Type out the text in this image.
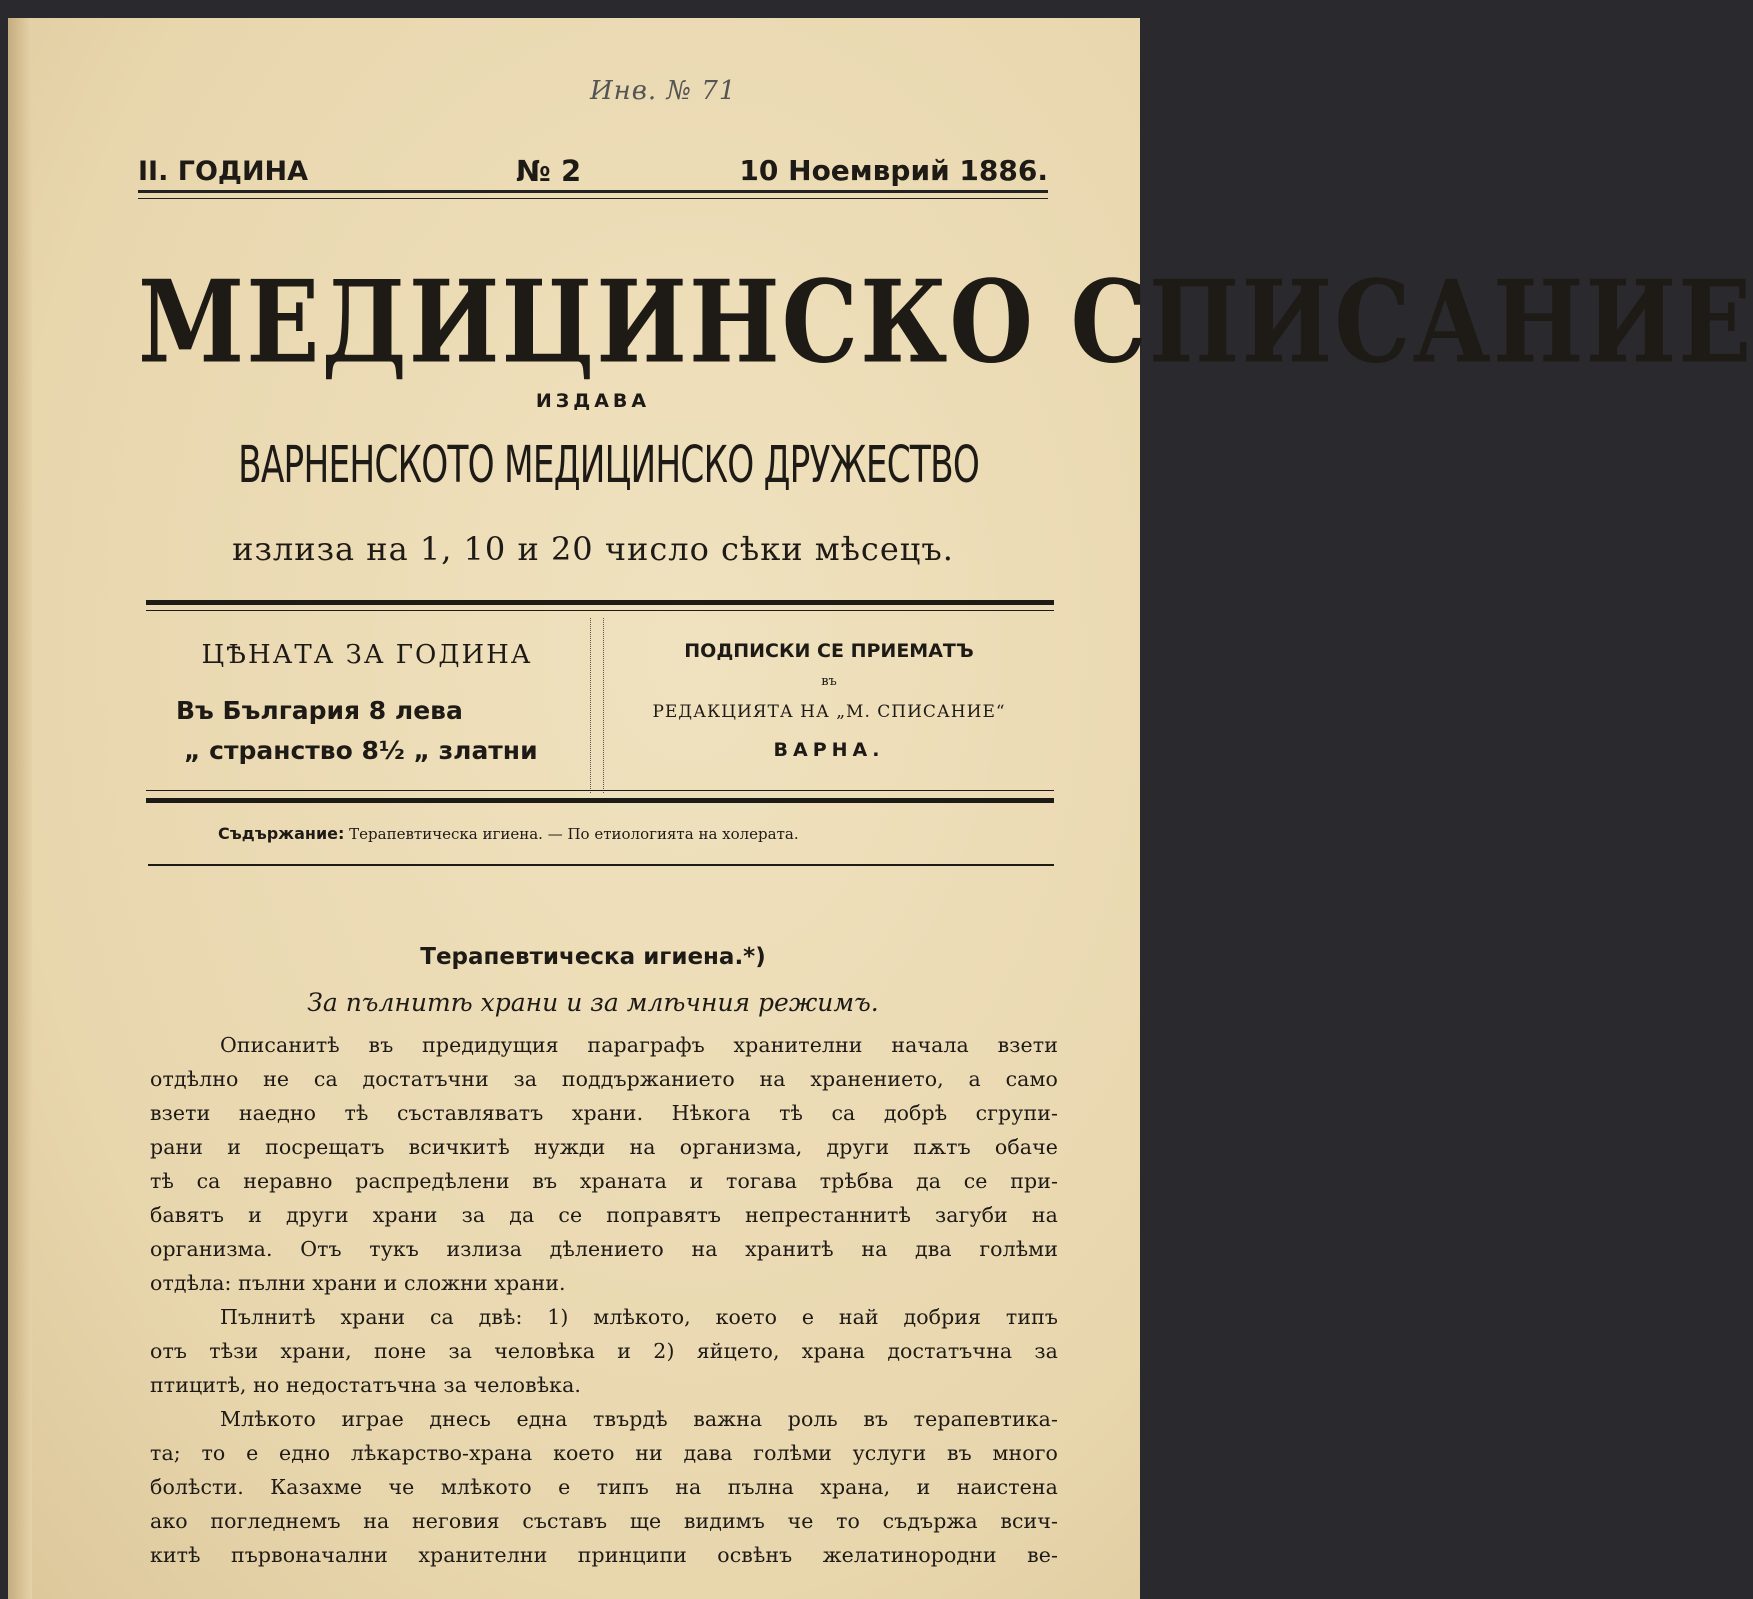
Инв. № 71
II. ГОДИНА	№ 2	10 Ноемврий 1886.
МЕДИЦИНСКО СПИСАНИЕ
ИЗДАВА
ВАРНЕНСКОТО МЕДИЦИНСКО ДРУЖЕСТВО
излиза на 1, 10 и 20 число сѣки мѣсецъ.
ЦѢНАТА ЗА ГОДИНА
Въ България 8 лева
„ странство 8½ „ златни
ПОДПИСКИ СЕ ПРИЕМАТЪ
въ
РЕДАКЦИЯТА НА „М. СПИСАНИЕ“
ВАРНА.
Съдържание: Терапевтическа игиена. — По етиологията на холерата.
Терапевтическа игиена.*)
За пълнитѣ храни и за млѣчния режимъ.
Описанитѣ въ предидущия параграфъ хранителни начала взети
отдѣлно не са достатъчни за поддържанието на хранението, а само
взети наедно тѣ съставляватъ храни. Нѣкога тѣ са добрѣ сгрупи-
рани и посрещатъ всичкитѣ нужди на организма, други пѫтъ обаче
тѣ са неравно распредѣлени въ храната и тогава трѣбва да се при-
бавятъ и други храни за да се поправятъ непрестаннитѣ загуби на
организма. Отъ тукъ излиза дѣлението на хранитѣ на два голѣми
отдѣла: пълни храни и сложни храни.
Пълнитѣ храни са двѣ: 1) млѣкото, което е най добрия типъ
отъ тѣзи храни, поне за человѣка и 2) яйцето, храна достатъчна за
птицитѣ, но недостатъчна за человѣка.
Млѣкото играе днесь една твърдѣ важна роль въ терапевтика-
та; то е едно лѣкарство-храна което ни дава голѣми услуги въ много
болѣсти. Казахме че млѣкото е типъ на пълна храна, и наистена
ако погледнемъ на неговия съставъ ще видимъ че то съдържа всич-
китѣ първоначални хранителни принципи освѣнъ желатинородни ве-
